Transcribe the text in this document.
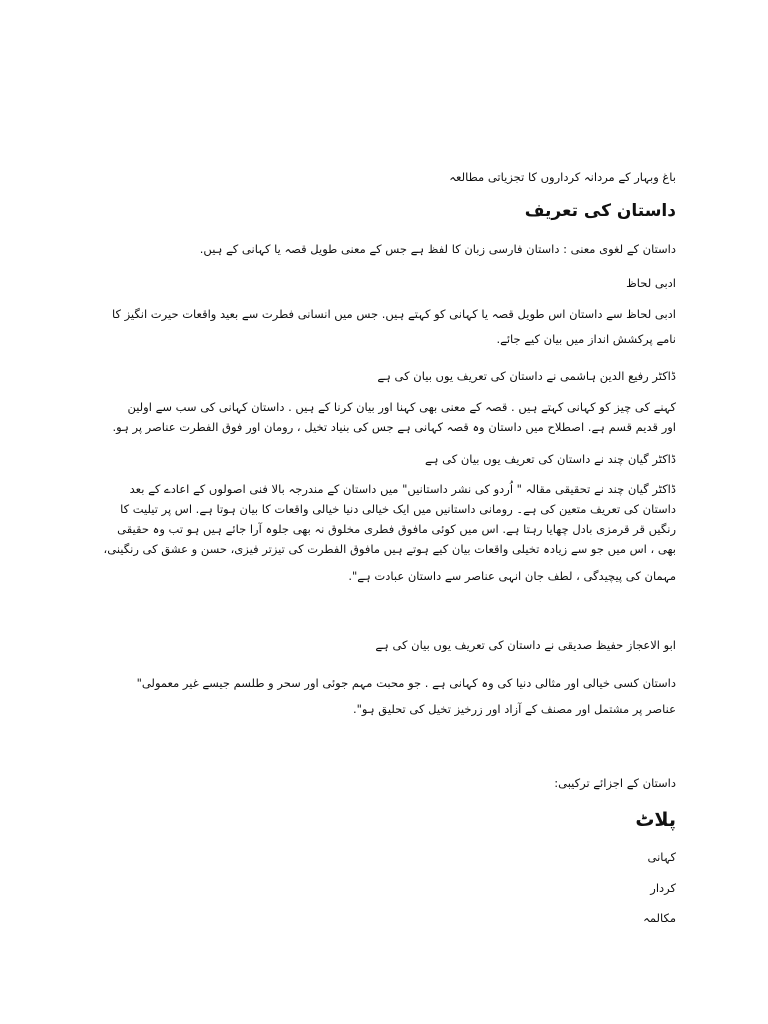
باغ وبہار کے مردانہ کرداروں کا تجزیاتی مطالعہ
داستان کی تعریف
داستان کے لغوی معنی : داستان فارسی زبان کا لفظ ہے جس کے معنی طویل قصہ یا کہانی کے ہیں.
ادبی لحاظ
ادبی لحاظ سے داستان اس طویل قصہ یا کہانی کو کہتے ہیں. جس میں انسانی فطرت سے بعید واقعات حیرت انگیز کا
نامے پرکشش انداز میں بیان کیے جائے.
ڈاکٹر رفیع الدین ہاشمی نے داستان کی تعریف یوں بیان کی ہے
کہنے کی چیز کو کہانی کہتے ہیں . قصہ کے معنی بھی کہنا اور بیان کرنا کے ہیں . داستان کہانی کی سب سے اولین
اور قدیم قسم ہے. اصطلاح میں داستان وہ قصہ کہانی ہے جس کی بنیاد تخیل ، رومان اور فوق الفطرت عناصر پر ہو.
ڈاکٹر گیان چند نے داستان کی تعریف یوں بیان کی ہے
ڈاکٹر گیان چند نے تحقیقی مقالہ " اُردو کی نشر داستانیں" میں داستان کے مندرجہ بالا فنی اصولوں کے اعادے کے بعد
داستان کی تعریف متعین کی ہے۔ رومانی داستانیں میں ایک خیالی دنیا خیالی واقعات کا بیان ہوتا ہے. اس پر تیلیت کا
رنگیں قر قرمزی بادل چھایا رہتا ہے. اس میں کوئی مافوق فطری مخلوق نہ بھی جلوہ آرا جائے ہیں ہو تب وہ حقیقی
بھی ، اس میں جو سے زیادہ تخیلی واقعات بیان کیے ہوتے ہیں مافوق الفطرت کی تیزتر فیزی، حسن و عشق کی رنگینی،
مہمان کی پیچیدگی ، لطف جان انہی عناصر سے داستان عبادت ہے".
ابو الاعجاز حفیظ صدیقی نے داستان کی تعریف یوں بیان کی ہے
داستان کسی خیالی اور مثالی دنیا کی وہ کہانی ہے . جو محبت مہم جوئی اور سحر و طلسم جیسے غیر معمولی"
عناصر پر مشتمل اور مصنف کے آزاد اور زرخیز تخیل کی تحلیق ہو".
داستان کے اجزائے ترکیبی:
پلاٹ
کہانی
کردار
مکالمہ
